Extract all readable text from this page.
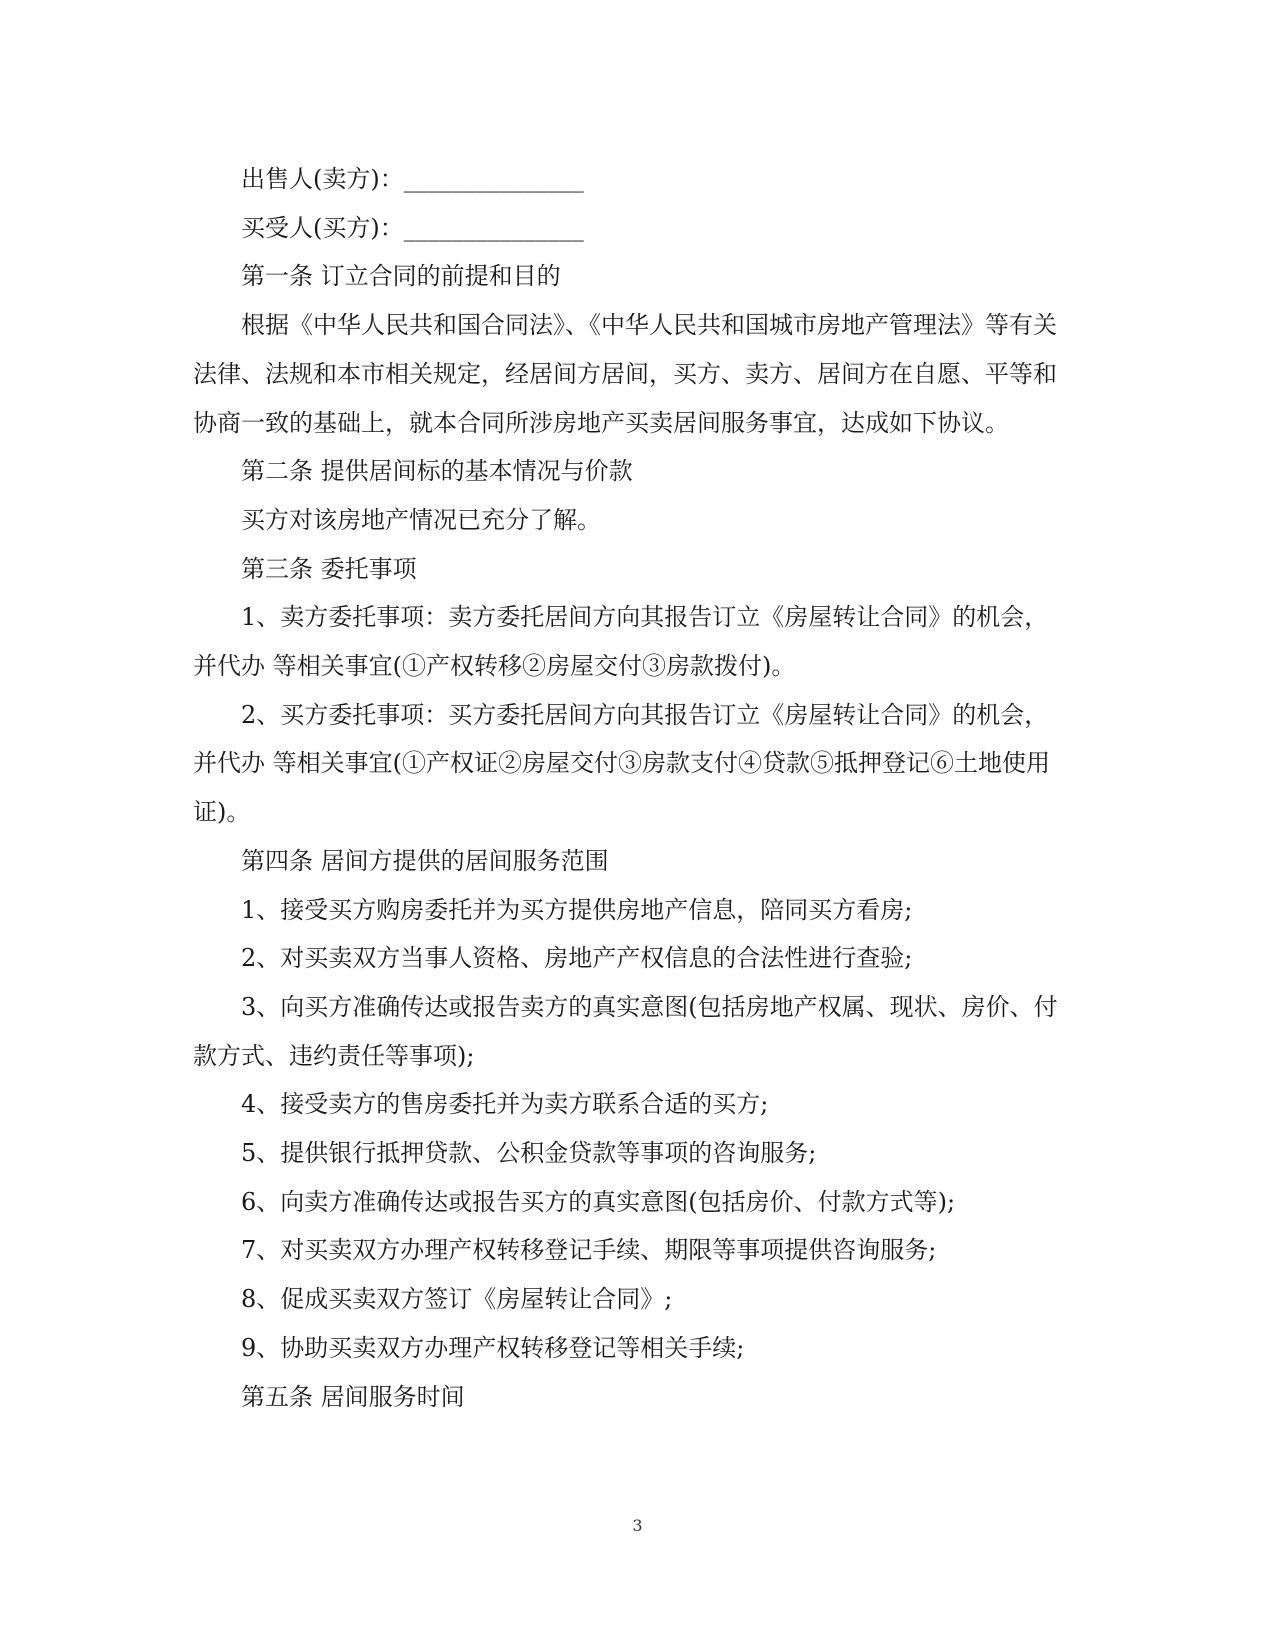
出售人(卖方)：_______________

买受人(买方)：_______________

第一条 订立合同的前提和目的

根据《中华人民共和国合同法》、《中华人民共和国城市房地产管理法》等有关法律、法规和本市相关规定，经居间方居间，买方、卖方、居间方在自愿、平等和协商一致的基础上，就本合同所涉房地产买卖居间服务事宜，达成如下协议。

第二条 提供居间标的基本情况与价款

买方对该房地产情况已充分了解。

第三条 委托事项

1、卖方委托事项：卖方委托居间方向其报告订立《房屋转让合同》的机会，并代办 等相关事宜(①产权转移②房屋交付③房款拨付)。

2、买方委托事项：买方委托居间方向其报告订立《房屋转让合同》的机会，并代办 等相关事宜(①产权证②房屋交付③房款支付④贷款⑤抵押登记⑥土地使用证)。

第四条 居间方提供的居间服务范围

1、接受买方购房委托并为买方提供房地产信息，陪同买方看房;

2、对买卖双方当事人资格、房地产产权信息的合法性进行查验;

3、向买方准确传达或报告卖方的真实意图(包括房地产权属、现状、房价、付款方式、违约责任等事项);

4、接受卖方的售房委托并为卖方联系合适的买方;

5、提供银行抵押贷款、公积金贷款等事项的咨询服务;

6、向卖方准确传达或报告买方的真实意图(包括房价、付款方式等);

7、对买卖双方办理产权转移登记手续、期限等事项提供咨询服务;

8、促成买卖双方签订《房屋转让合同》;

9、协助买卖双方办理产权转移登记等相关手续;

第五条 居间服务时间

3
